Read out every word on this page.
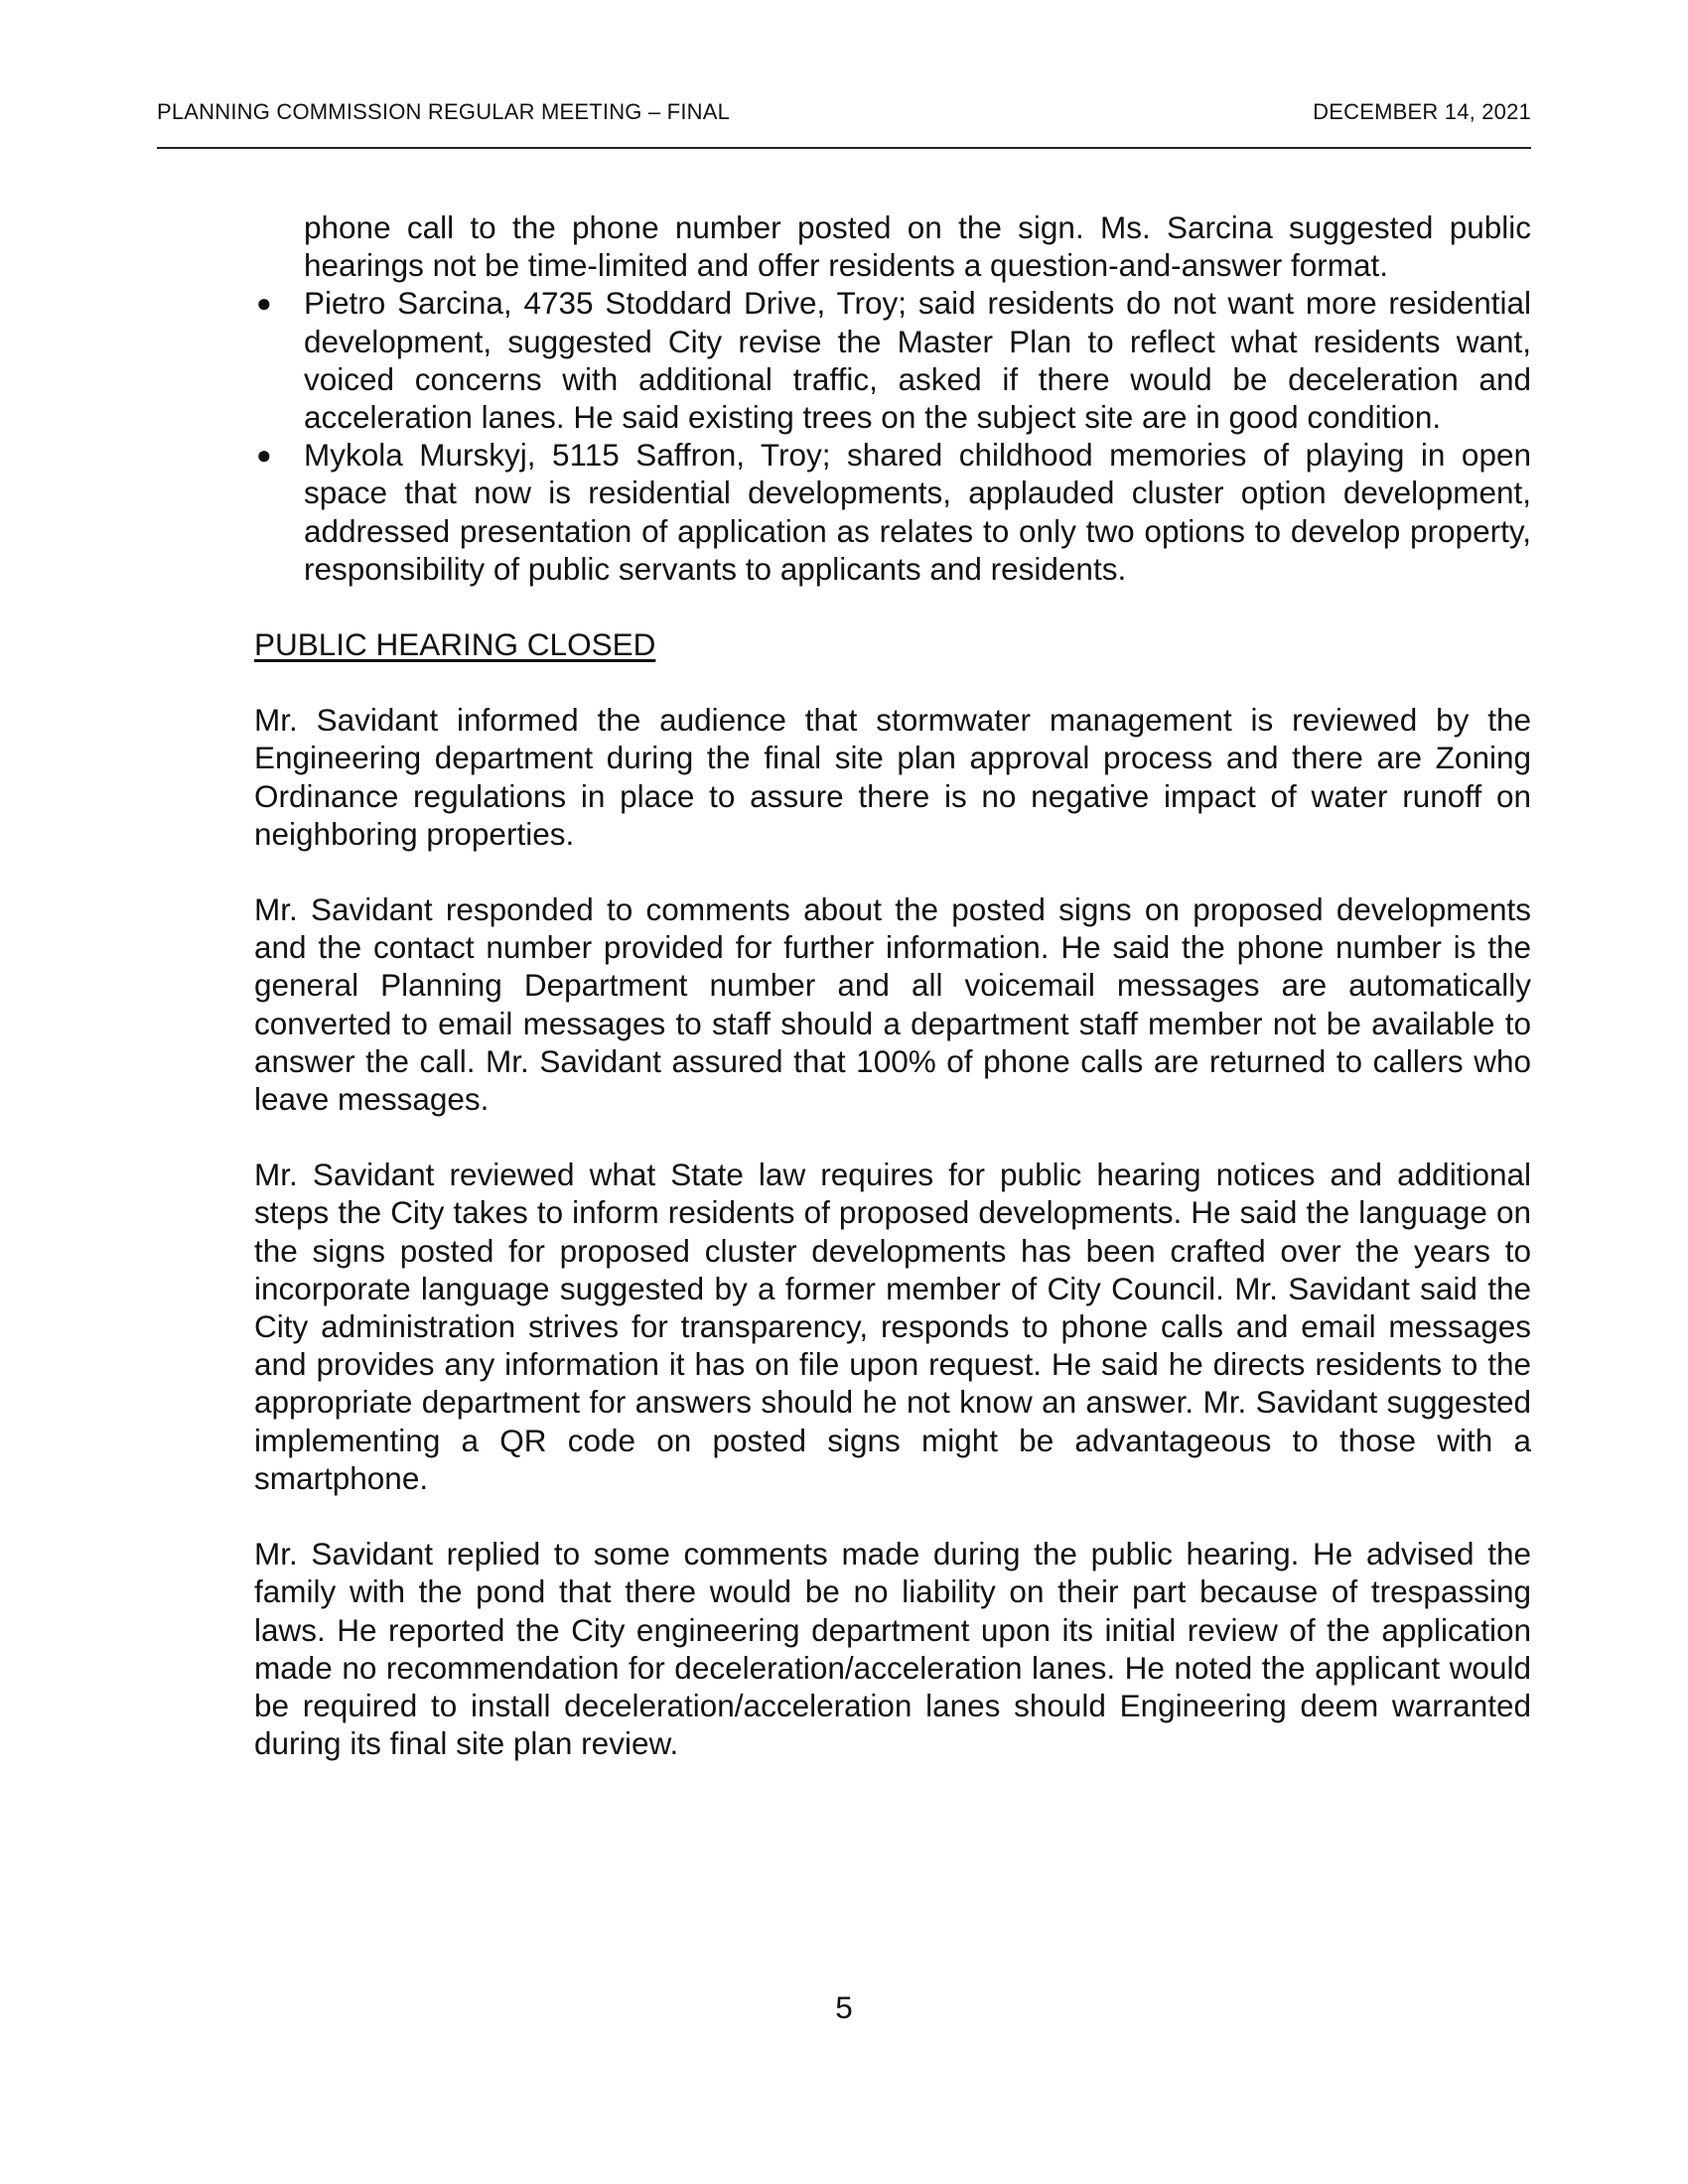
PLANNING COMMISSION REGULAR MEETING – FINAL	DECEMBER 14, 2021

phone call to the phone number posted on the sign. Ms. Sarcina suggested public hearings not be time-limited and offer residents a question-and-answer format.

● Pietro Sarcina, 4735 Stoddard Drive, Troy; said residents do not want more residential development, suggested City revise the Master Plan to reflect what residents want, voiced concerns with additional traffic, asked if there would be deceleration and acceleration lanes. He said existing trees on the subject site are in good condition.
● Mykola Murskyj, 5115 Saffron, Troy; shared childhood memories of playing in open space that now is residential developments, applauded cluster option development, addressed presentation of application as relates to only two options to develop property, responsibility of public servants to applicants and residents.

PUBLIC HEARING CLOSED

Mr. Savidant informed the audience that stormwater management is reviewed by the Engineering department during the final site plan approval process and there are Zoning Ordinance regulations in place to assure there is no negative impact of water runoff on neighboring properties.

Mr. Savidant responded to comments about the posted signs on proposed developments and the contact number provided for further information. He said the phone number is the general Planning Department number and all voicemail messages are automatically converted to email messages to staff should a department staff member not be available to answer the call. Mr. Savidant assured that 100% of phone calls are returned to callers who leave messages.

Mr. Savidant reviewed what State law requires for public hearing notices and additional steps the City takes to inform residents of proposed developments. He said the language on the signs posted for proposed cluster developments has been crafted over the years to incorporate language suggested by a former member of City Council. Mr. Savidant said the City administration strives for transparency, responds to phone calls and email messages and provides any information it has on file upon request. He said he directs residents to the appropriate department for answers should he not know an answer. Mr. Savidant suggested implementing a QR code on posted signs might be advantageous to those with a smartphone.

Mr. Savidant replied to some comments made during the public hearing. He advised the family with the pond that there would be no liability on their part because of trespassing laws. He reported the City engineering department upon its initial review of the application made no recommendation for deceleration/acceleration lanes. He noted the applicant would be required to install deceleration/acceleration lanes should Engineering deem warranted during its final site plan review.

5
